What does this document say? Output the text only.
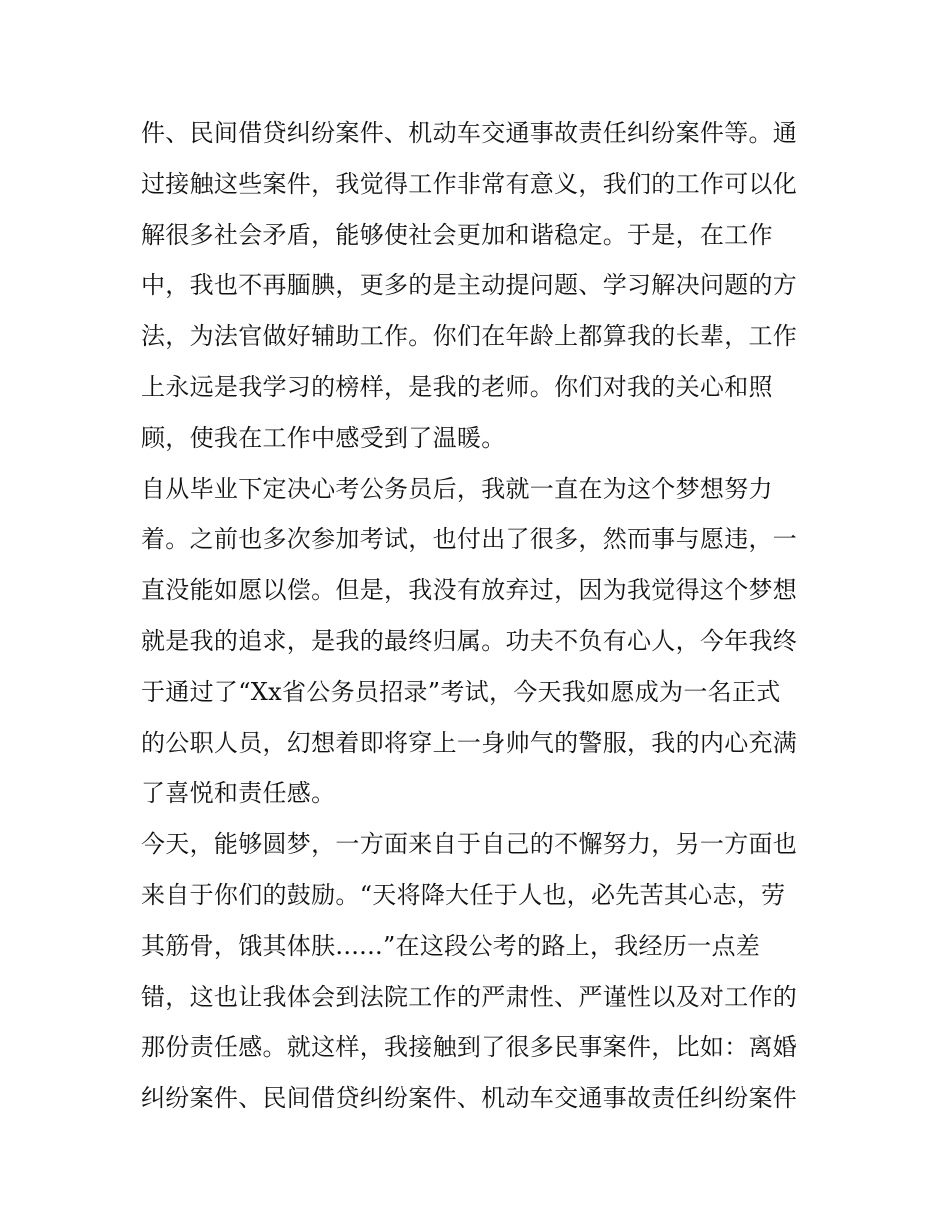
件、民间借贷纠纷案件、机动车交通事故责任纠纷案件等。通
过接触这些案件，我觉得工作非常有意义，我们的工作可以化
解很多社会矛盾，能够使社会更加和谐稳定。于是，在工作
中，我也不再腼腆，更多的是主动提问题、学习解决问题的方
法，为法官做好辅助工作。你们在年龄上都算我的长辈，工作
上永远是我学习的榜样，是我的老师。你们对我的关心和照
顾，使我在工作中感受到了温暖。
自从毕业下定决心考公务员后，我就一直在为这个梦想努力
着。之前也多次参加考试，也付出了很多，然而事与愿违，一
直没能如愿以偿。但是，我没有放弃过，因为我觉得这个梦想
就是我的追求，是我的最终归属。功夫不负有心人，今年我终
于通过了“Xx省公务员招录”考试，今天我如愿成为一名正式
的公职人员，幻想着即将穿上一身帅气的警服，我的内心充满
了喜悦和责任感。
今天，能够圆梦，一方面来自于自己的不懈努力，另一方面也
来自于你们的鼓励。“天将降大任于人也，必先苦其心志，劳
其筋骨，饿其体肤......”在这段公考的路上，我经历一点差
错，这也让我体会到法院工作的严肃性、严谨性以及对工作的
那份责任感。就这样，我接触到了很多民事案件，比如：离婚
纠纷案件、民间借贷纠纷案件、机动车交通事故责任纠纷案件
